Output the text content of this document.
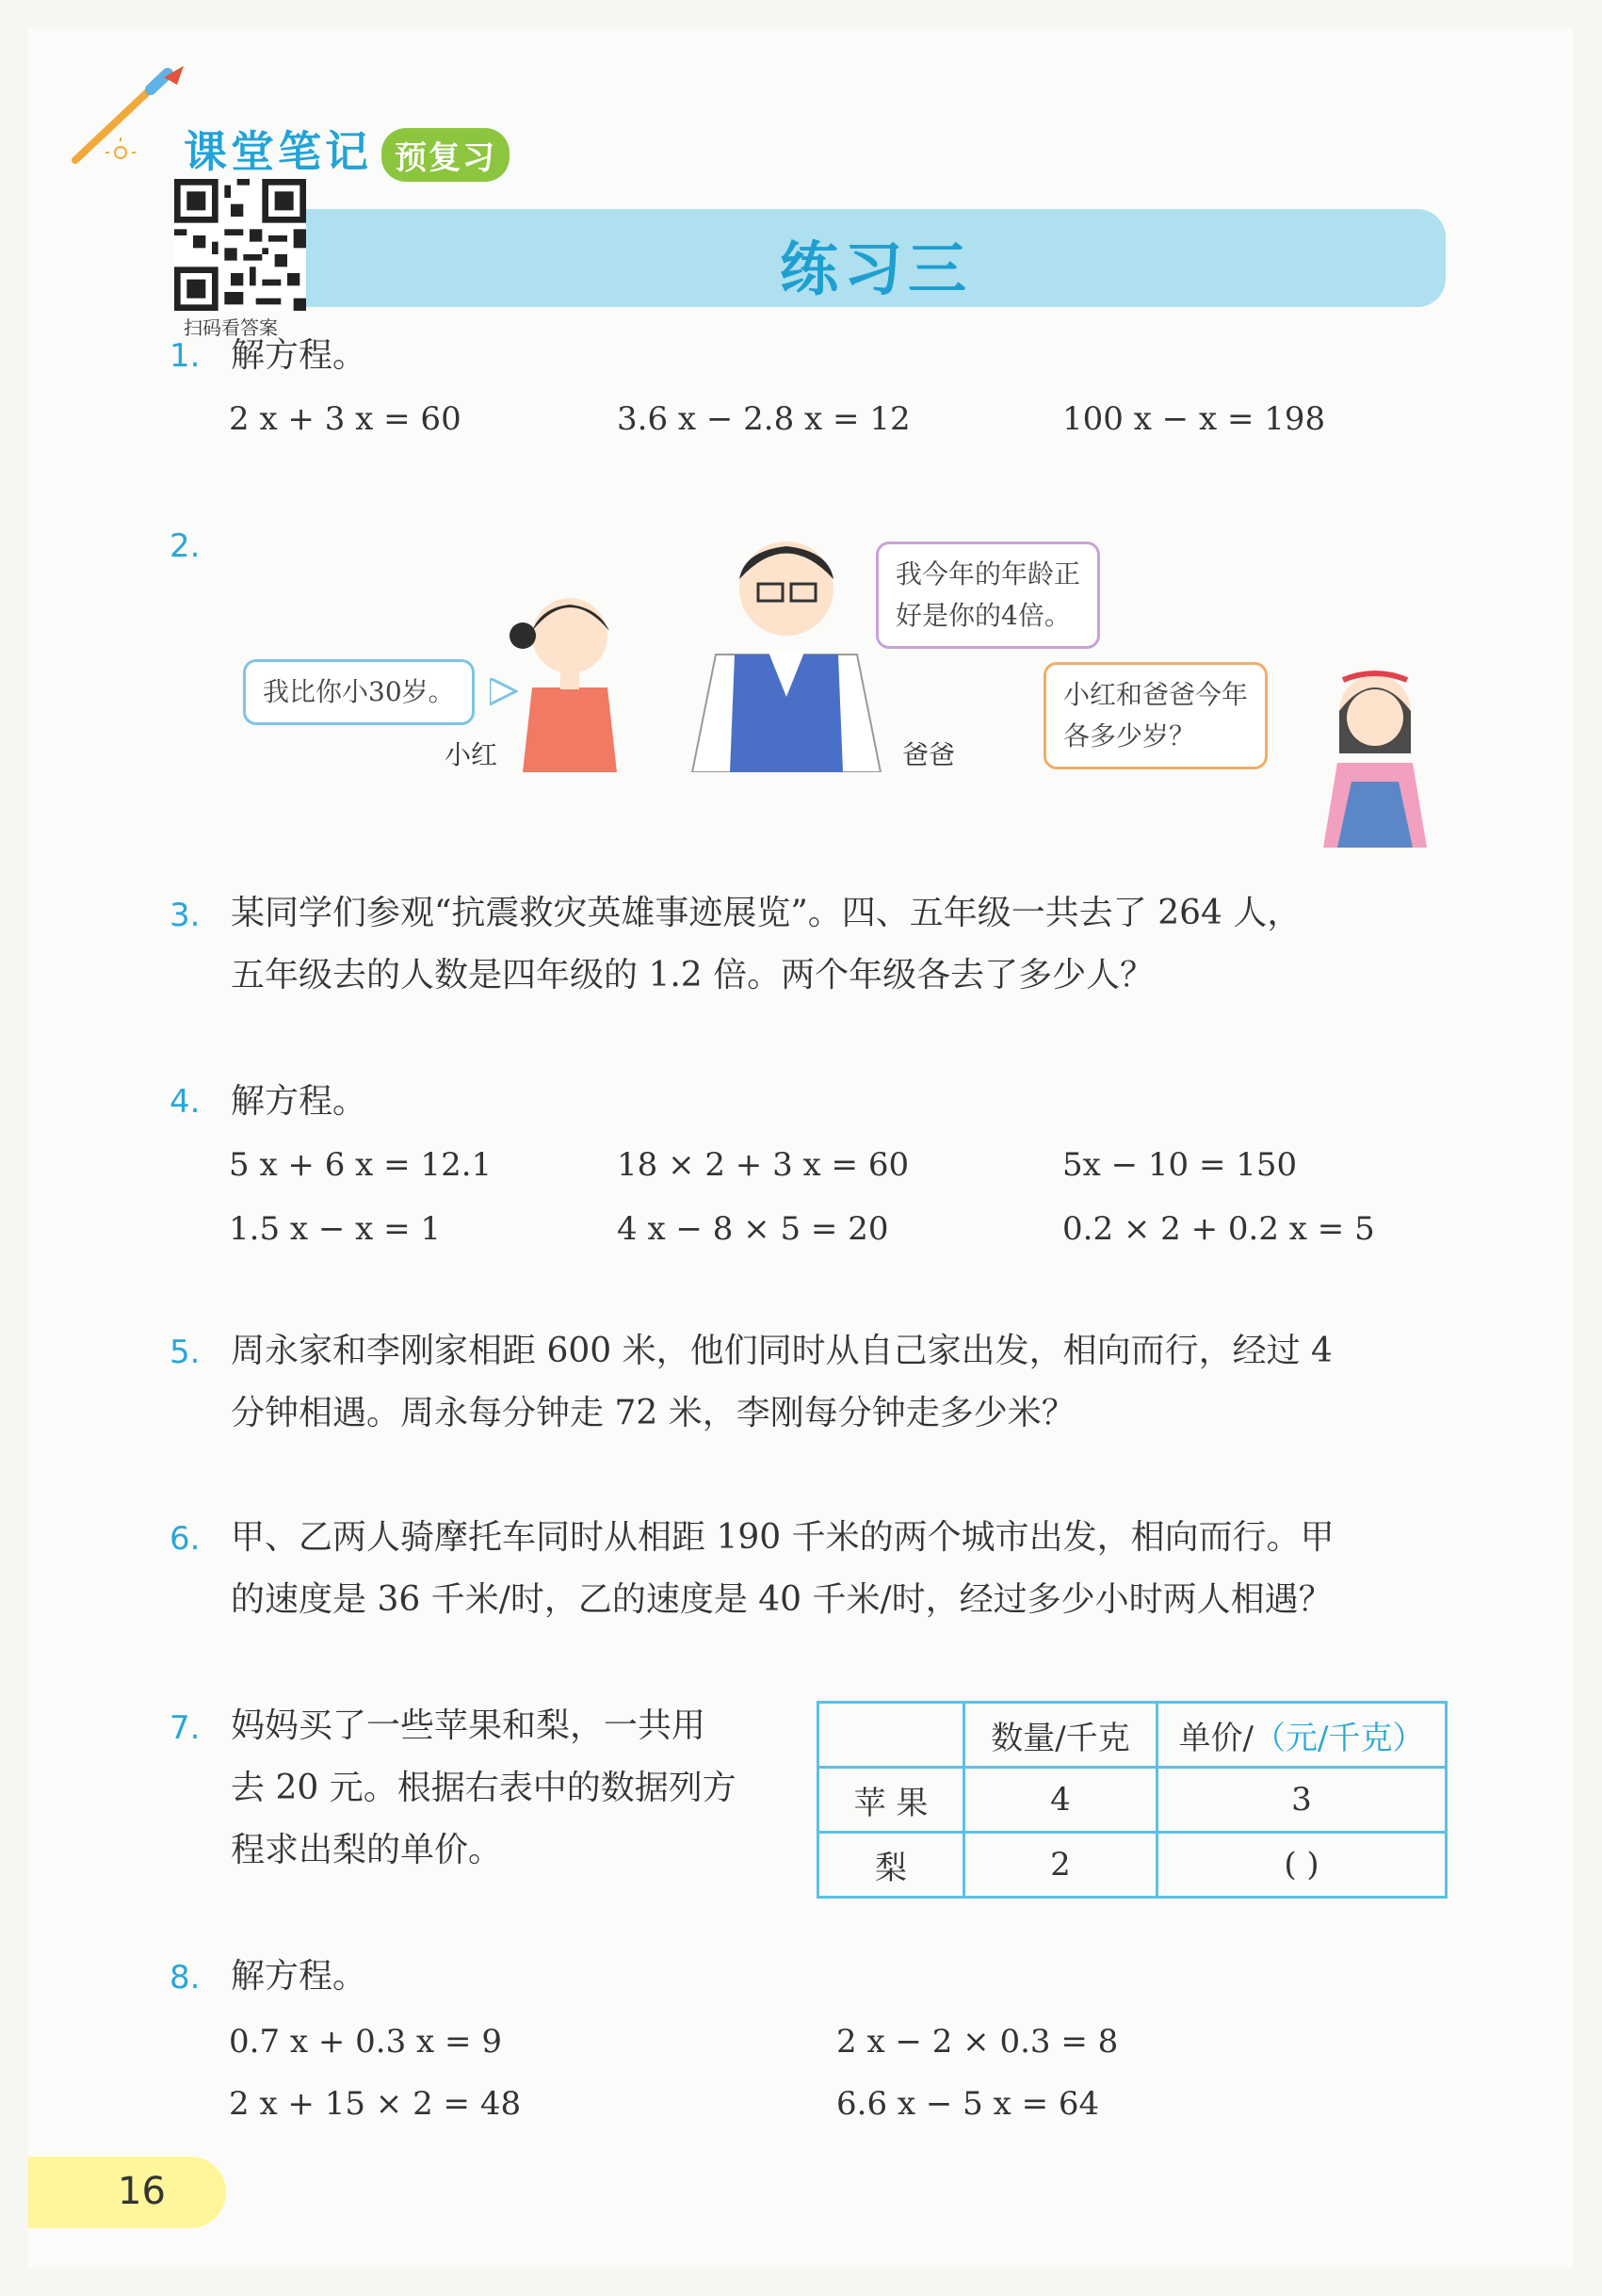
课堂笔记 预复习
扫码看答案
练习三
1. 解方程。
2 x + 3 x = 60	3.6 x − 2.8 x = 12	100 x − x = 198
2.
我比你小30岁。
我今年的年龄正
好是你的4倍。
小红和爸爸今年
各多少岁？
小红	爸爸
3. 某同学们参观“抗震救灾英雄事迹展览”。四、五年级一共去了 264 人，
五年级去的人数是四年级的 1.2 倍。两个年级各去了多少人？
4. 解方程。
5 x + 6 x = 12.1	18 × 2 + 3 x = 60	5x − 10 = 150
1.5 x − x = 1	4 x − 8 × 5 = 20	0.2 × 2 + 0.2 x = 5
5. 周永家和李刚家相距 600 米，他们同时从自己家出发，相向而行，经过 4
分钟相遇。周永每分钟走 72 米，李刚每分钟走多少米？
6. 甲、乙两人骑摩托车同时从相距 190 千米的两个城市出发，相向而行。甲
的速度是 36 千米/时，乙的速度是 40 千米/时，经过多少小时两人相遇？
7. 妈妈买了一些苹果和梨，一共用
去 20 元。根据右表中的数据列方
程求出梨的单价。
	数量/千克	单价/（元/千克）
苹 果	4	3
梨	2	( )
8. 解方程。
0.7 x + 0.3 x = 9	2 x − 2 × 0.3 = 8
2 x + 15 × 2 = 48	6.6 x − 5 x = 64
16
